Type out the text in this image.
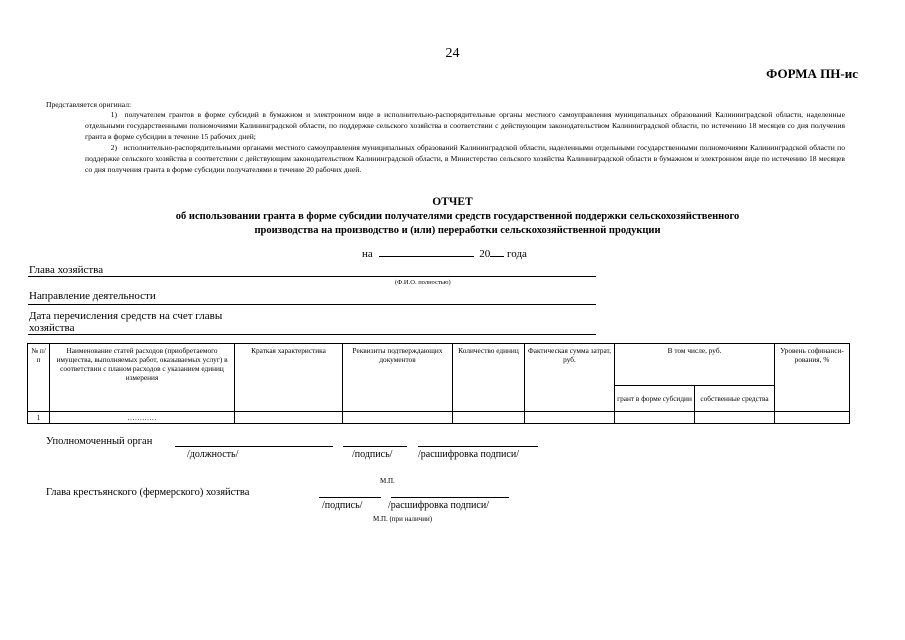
24
ФОРМА ПН-ис
Представляется оригинал:
1) получателем грантов в форме субсидий в бумажном и электронном виде в исполнительно-распорядительные органы местного самоуправления муниципальных образований Калининградской области, наделенные отдельными государственными полномочиями Калининградской области, по поддержке сельского хозяйства в соответствии с действующим законодательством Калининградской области, по истечению 18 месяцев со дня получения гранта в форме субсидии в течение 15 рабочих дней;
2) исполнительно-распорядительными органами местного самоуправления муниципальных образований Калининградской области, наделенными отдельными государственными полномочиями Калининградской области по поддержке сельского хозяйства в соответствии с действующим законодательством Калининградской области, в Министерство сельского хозяйства Калининградской области в бумажном и электронном виде по истечению 18 месяцев со дня получения гранта в форме субсидии получателями в течение 20 рабочих дней.
ОТЧЕТ
об использовании гранта в форме субсидии получателями средств государственной поддержки сельскохозяйственного производства на производство и (или) переработки сельскохозяйственной продукции
на	20 года
Глава хозяйства
(Ф.И.О. полностью)
Направление деятельности
Дата перечисления средств на счет главы
хозяйства
№ п/п	Наименование статей расходов (приобретаемого имущества, выполняемых работ, оказываемых услуг) в соответствии с планом расходов с указанием единиц измерения	Краткая характеристика	Реквизиты подтверждающих документов	Количество единиц	Фактическая сумма затрат, руб.	В том числе, руб.		Уровень софинанси-рования, %
						грант в форме субсидии	собственные средства	
1	…………							
Уполномоченный орган
/должность/	/подпись/	/расшифровка подписи/
М.П.
Глава крестьянского (фермерского) хозяйства
/подпись/	/расшифровка подписи/
М.П. (при наличии)
